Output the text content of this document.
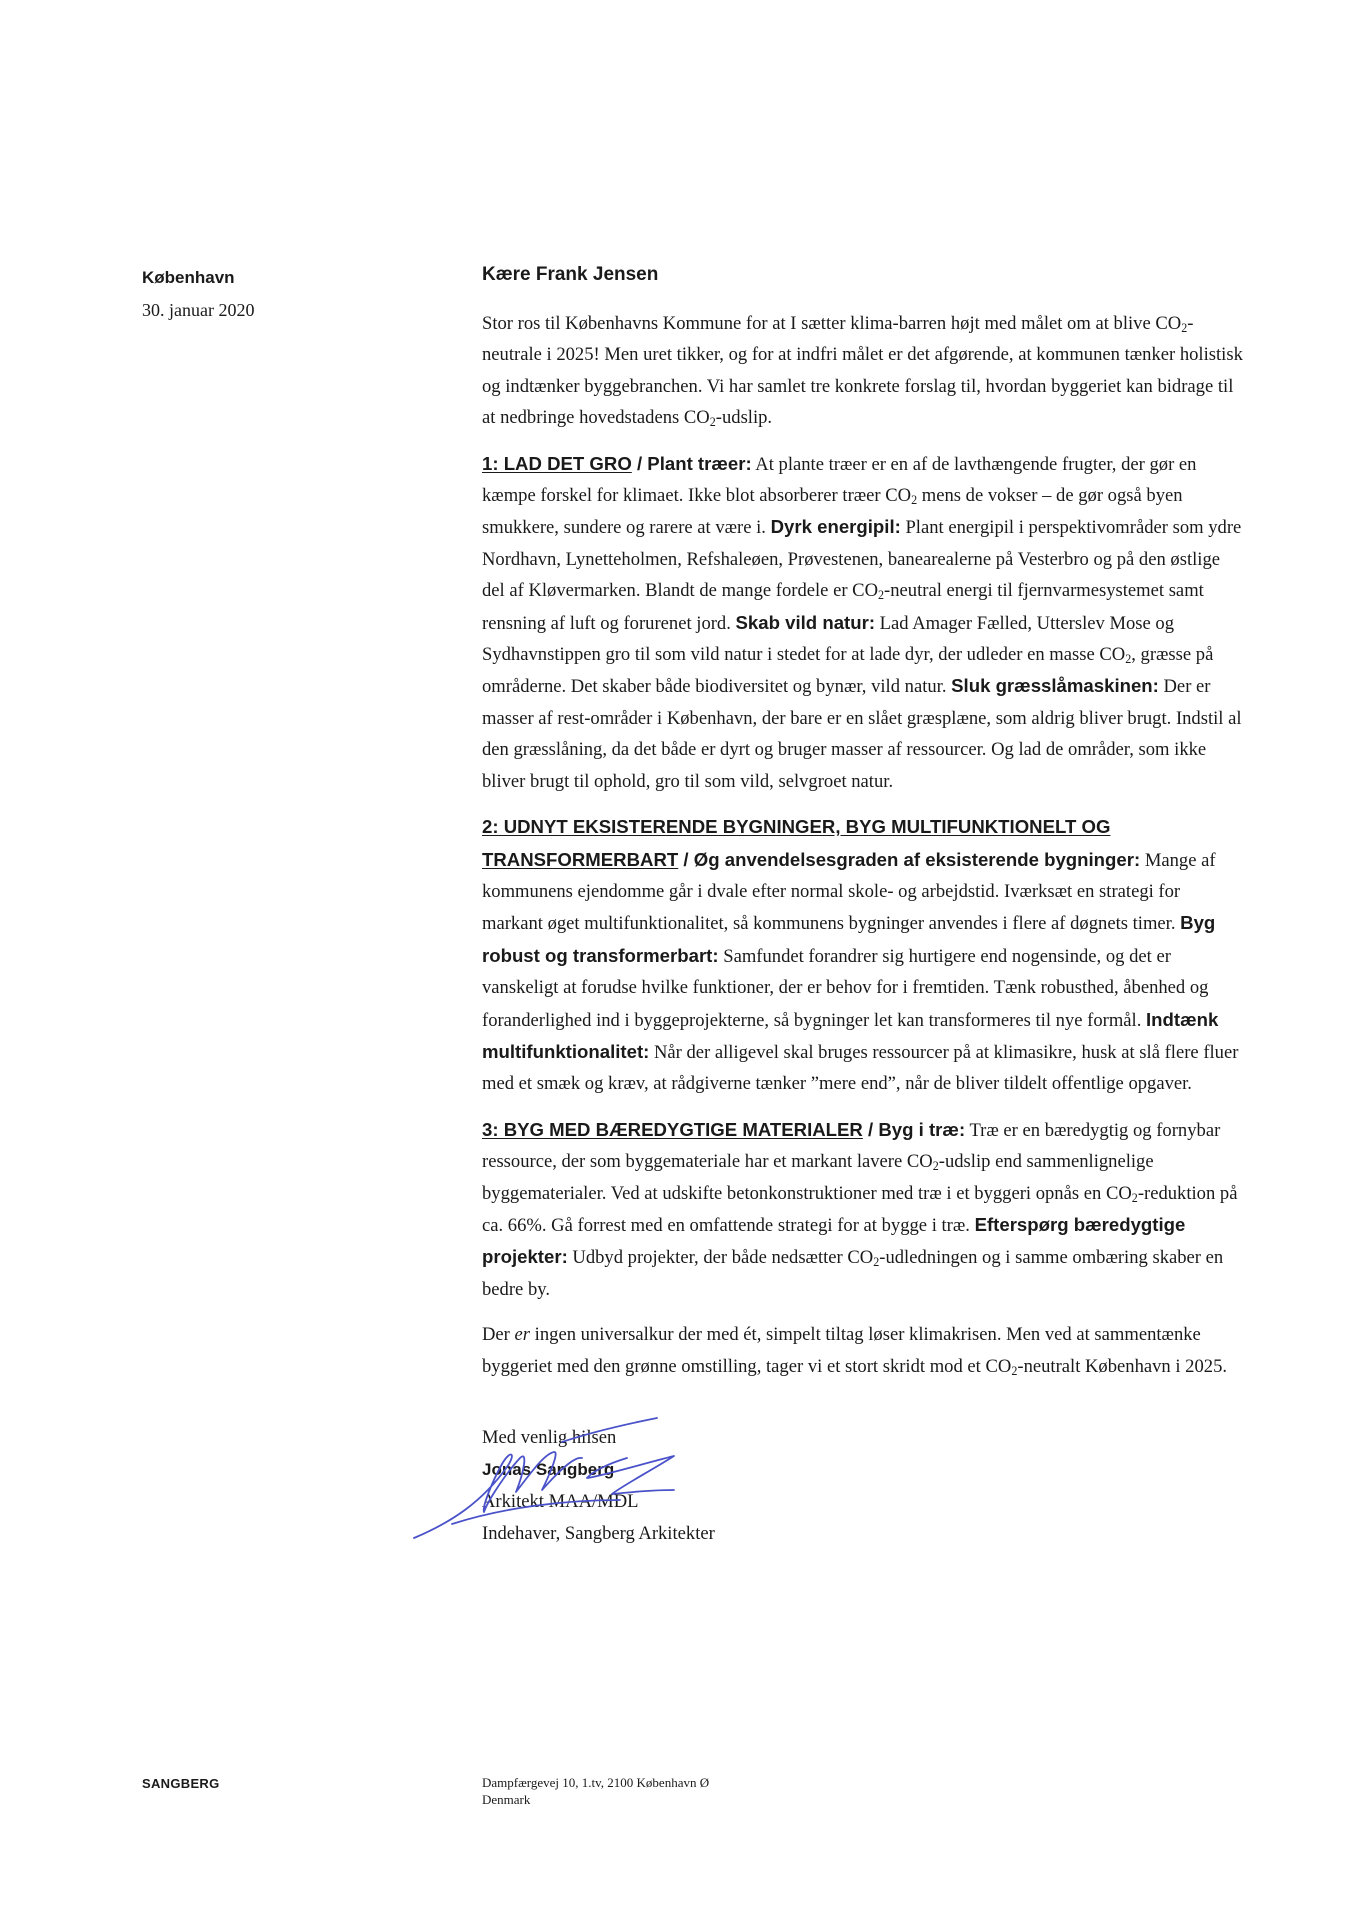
København

30. januar 2020

Kære Frank Jensen

Stor ros til Københavns Kommune for at I sætter klima-barren højt med målet om at blive $CO_2$-neutrale i 2025! Men uret tikker, og for at indfri målet er det afgørende, at kommunen tænker holistisk og indtænker byggebranchen. Vi har samlet tre konkrete forslag til, hvordan byggeriet kan bidrage til at nedbringe hovedstadens $CO_2$-udslip.

1: LAD DET GRO / Plant træer: At plante træer er en af de lavthængende frugter, der gør en kæmpe forskel for klimaet. Ikke blot absorberer træer $CO_2$ mens de vokser – de gør også byen smukkere, sundere og rarere at være i. Dyrk energipil: Plant energipil i perspektivområder som ydre Nordhavn, Lynetteholmen, Refshaleøen, Prøvestenen, banearealerne på Vesterbro og på den østlige del af Kløvermarken. Blandt de mange fordele er $CO_2$-neutral energi til fjernvarmesystemet samt rensning af luft og forurenet jord. Skab vild natur: Lad Amager Fælled, Utterslev Mose og Sydhavnstippen gro til som vild natur i stedet for at lade dyr, der udleder en masse $CO_2$, græsse på områderne. Det skaber både biodiversitet og bynær, vild natur. Sluk græsslåmaskinen: Der er masser af rest-områder i København, der bare er en slået græsplæne, som aldrig bliver brugt. Indstil al den græsslåning, da det både er dyrt og bruger masser af ressourcer. Og lad de områder, som ikke bliver brugt til ophold, gro til som vild, selvgroet natur.

2: UDNYT EKSISTERENDE BYGNINGER, BYG MULTIFUNKTIONELT OG TRANSFORMERBART / Øg anvendelsesgraden af eksisterende bygninger: Mange af kommunens ejendomme går i dvale efter normal skole- og arbejdstid. Iværksæt en strategi for markant øget multifunktionalitet, så kommunens bygninger anvendes i flere af døgnets timer. Byg robust og transformerbart: Samfundet forandrer sig hurtigere end nogensinde, og det er vanskeligt at forudse hvilke funktioner, der er behov for i fremtiden. Tænk robusthed, åbenhed og foranderlighed ind i byggeprojekterne, så bygninger let kan transformeres til nye formål. Indtænk multifunktionalitet: Når der alligevel skal bruges ressourcer på at klimasikre, husk at slå flere fluer med et smæk og kræv, at rådgiverne tænker ”mere end”, når de bliver tildelt offentlige opgaver.

3: BYG MED BÆREDYGTIGE MATERIALER / Byg i træ: Træ er en bæredygtig og fornybar ressource, der som byggemateriale har et markant lavere $CO_2$-udslip end sammenlignelige byggematerialer. Ved at udskifte betonkonstruktioner med træ i et byggeri opnås en $CO_2$-reduktion på ca. 66%. Gå forrest med en omfattende strategi for at bygge i træ. Efterspørg bæredygtige projekter: Udbyd projekter, der både nedsætter $CO_2$-udledningen og i samme ombæring skaber en bedre by.

Der er ingen universalkur der med ét, simpelt tiltag løser klimakrisen. Men ved at sammentænke byggeriet med den grønne omstilling, tager vi et stort skridt mod et $CO_2$-neutralt København i 2025.

Med venlig hilsen
Jonas Sangberg
Arkitekt MAA/MDL
Indehaver, Sangberg Arkitekter
SANGBERG	Dampfærgevej 10, 1.tv, 2100 København Ø
Denmark
